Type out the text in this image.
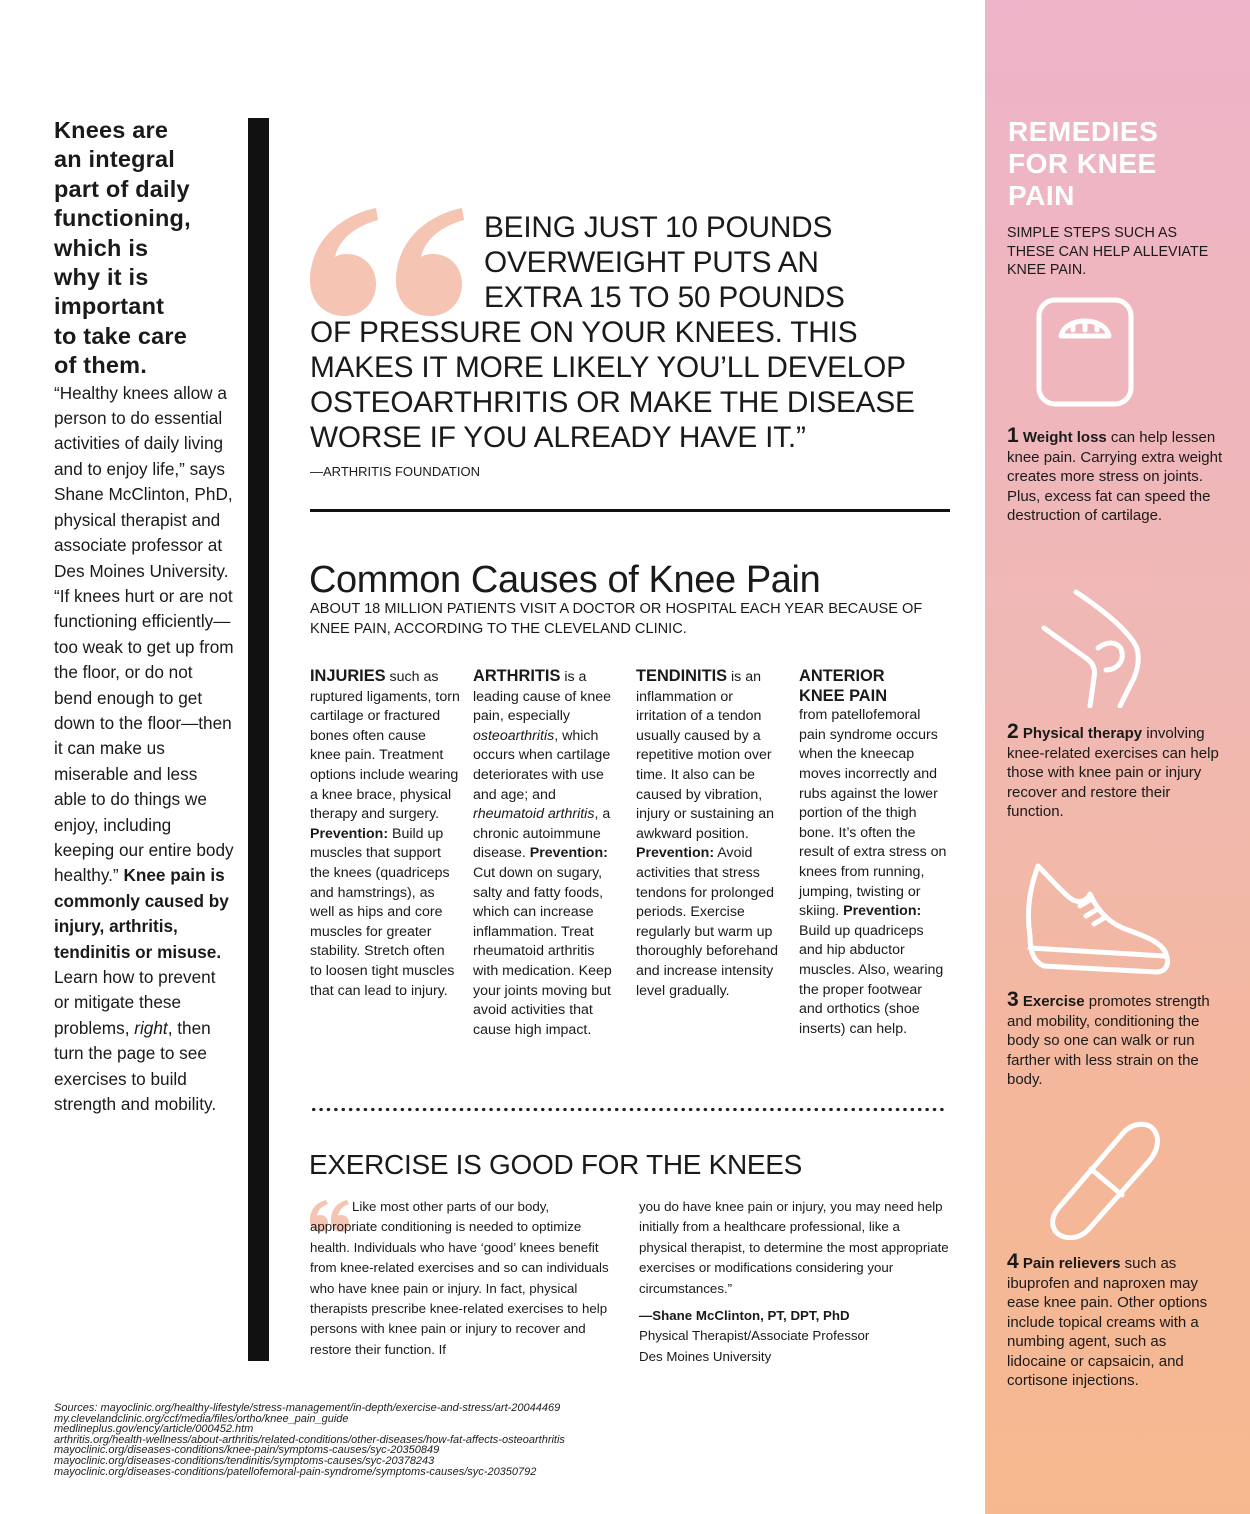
Knees are
an integral
part of daily
functioning,
which is
why it is
important
to take care
of them.

“Healthy knees allow a person to do essential activities of daily living and to enjoy life,” says Shane McClinton, PhD, physical therapist and associate professor at Des Moines University. “If knees hurt or are not functioning efficiently—too weak to get up from the floor, or do not bend enough to get down to the floor—then it can make us miserable and less able to do things we enjoy, including keeping our entire body healthy.” Knee pain is commonly caused by injury, arthritis, tendinitis or misuse. Learn how to prevent or mitigate these problems, right, then turn the page to see exercises to build strength and mobility.

BEING JUST 10 POUNDS
OVERWEIGHT PUTS AN
EXTRA 15 TO 50 POUNDS
OF PRESSURE ON YOUR KNEES. THIS
MAKES IT MORE LIKELY YOU’LL DEVELOP
OSTEOARTHRITIS OR MAKE THE DISEASE
WORSE IF YOU ALREADY HAVE IT.”
—ARTHRITIS FOUNDATION
Common Causes of Knee Pain
ABOUT 18 MILLION PATIENTS VISIT A DOCTOR OR HOSPITAL EACH YEAR BECAUSE OF KNEE PAIN, ACCORDING TO THE CLEVELAND CLINIC.
INJURIES such as ruptured ligaments, torn cartilage or fractured bones often cause knee pain. Treatment options include wearing a knee brace, physical therapy and surgery. Prevention: Build up muscles that support the knees (quadriceps and hamstrings), as well as hips and core muscles for greater stability. Stretch often to loosen tight muscles that can lead to injury.
ARTHRITIS is a leading cause of knee pain, especially osteoarthritis, which occurs when cartilage deteriorates with use and age; and rheumatoid arthritis, a chronic autoimmune disease. Prevention: Cut down on sugary, salty and fatty foods, which can increase inflammation. Treat rheumatoid arthritis with medication. Keep your joints moving but avoid activities that cause high impact.
TENDINITIS is an inflammation or irritation of a tendon usually caused by a repetitive motion over time. It also can be caused by vibration, injury or sustaining an awkward position. Prevention: Avoid activities that stress tendons for prolonged periods. Exercise regularly but warm up thoroughly beforehand and increase intensity level gradually.
ANTERIOR KNEE PAIN
from patellofemoral pain syndrome occurs when the kneecap moves incorrectly and rubs against the lower portion of the thigh bone. It’s often the result of extra stress on knees from running, jumping, twisting or skiing. Prevention: Build up quadriceps and hip abductor muscles. Also, wearing the proper footwear and orthotics (shoe inserts) can help.
EXERCISE IS GOOD FOR THE KNEES

Like most other parts of our body, appropriate conditioning is needed to optimize health. Individuals who have ‘good’ knees benefit from knee-related exercises and so can individuals who have knee pain or injury. In fact, physical therapists prescribe knee-related exercises to help persons with knee pain or injury to recover and restore their function. If

you do have knee pain or injury, you may need help initially from a healthcare professional, like a physical therapist, to determine the most appropriate exercises or modifications considering your circumstances.”

—Shane McClinton, PT, DPT, PhD
Physical Therapist/Associate Professor
Des Moines University
Sources: mayoclinic.org/healthy-lifestyle/stress-management/in-depth/exercise-and-stress/art-20044469
my.clevelandclinic.org/ccf/media/files/ortho/knee_pain_guide
medlineplus.gov/ency/article/000452.htm
arthritis.org/health-wellness/about-arthritis/related-conditions/other-diseases/how-fat-affects-osteoarthritis
mayoclinic.org/diseases-conditions/knee-pain/symptoms-causes/syc-20350849
mayoclinic.org/diseases-conditions/tendinitis/symptoms-causes/syc-20378243
mayoclinic.org/diseases-conditions/patellofemoral-pain-syndrome/symptoms-causes/syc-20350792
REMEDIES
FOR KNEE
PAIN
SIMPLE STEPS SUCH AS THESE CAN HELP ALLEVIATE KNEE PAIN.
1 Weight loss can help lessen knee pain. Carrying extra weight creates more stress on joints. Plus, excess fat can speed the destruction of cartilage.
2 Physical therapy involving knee-related exercises can help those with knee pain or injury recover and restore their function.
3 Exercise promotes strength and mobility, conditioning the body so one can walk or run farther with less strain on the body.
4 Pain relievers such as ibuprofen and naproxen may ease knee pain. Other options include topical creams with a numbing agent, such as lidocaine or capsaicin, and cortisone injections.
